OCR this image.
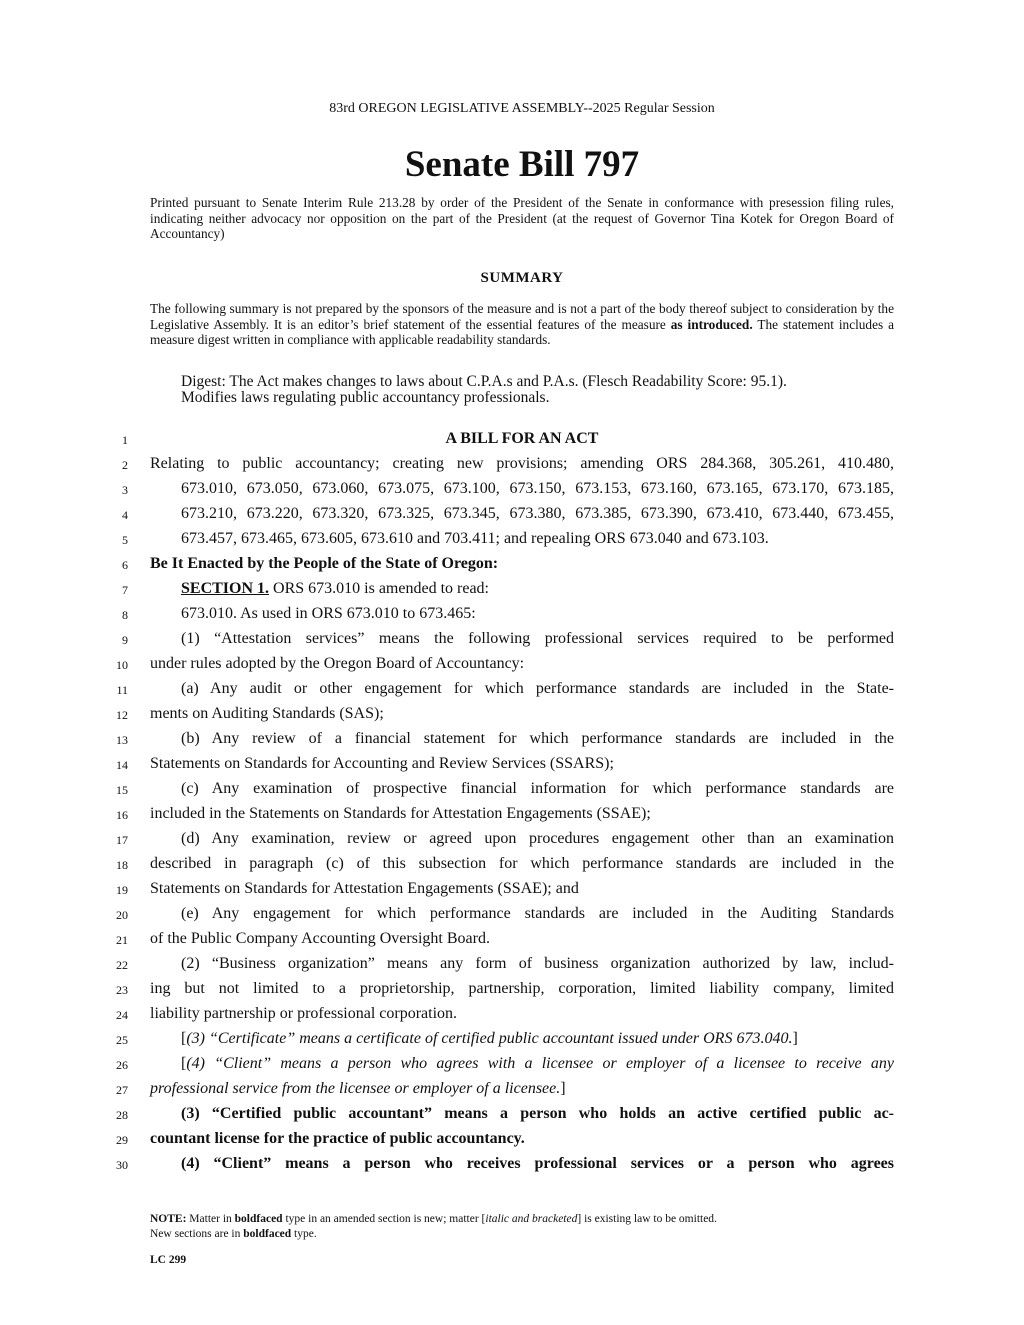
83rd OREGON LEGISLATIVE ASSEMBLY--2025 Regular Session
Senate Bill 797
Printed pursuant to Senate Interim Rule 213.28 by order of the President of the Senate in conformance with presession filing rules, indicating neither advocacy nor opposition on the part of the President (at the request of Governor Tina Kotek for Oregon Board of Accountancy)
SUMMARY
The following summary is not prepared by the sponsors of the measure and is not a part of the body thereof subject to consideration by the Legislative Assembly. It is an editor’s brief statement of the essential features of the measure as introduced. The statement includes a measure digest written in compliance with applicable readability standards.
Digest: The Act makes changes to laws about C.P.A.s and P.A.s. (Flesch Readability Score: 95.1).
Modifies laws regulating public accountancy professionals.
1
2
3
4
5
6
7
8
9
10
11
12
13
14
15
16
17
18
19
20
21
22
23
24
25
26
27
28
29
30
A BILL FOR AN ACT
Relating to public accountancy; creating new provisions; amending ORS 284.368, 305.261, 410.480,
673.010, 673.050, 673.060, 673.075, 673.100, 673.150, 673.153, 673.160, 673.165, 673.170, 673.185,
673.210, 673.220, 673.320, 673.325, 673.345, 673.380, 673.385, 673.390, 673.410, 673.440, 673.455,
673.457, 673.465, 673.605, 673.610 and 703.411; and repealing ORS 673.040 and 673.103.
Be It Enacted by the People of the State of Oregon:
SECTION 1. ORS 673.010 is amended to read:
673.010. As used in ORS 673.010 to 673.465:
(1) “Attestation services” means the following professional services required to be performed
under rules adopted by the Oregon Board of Accountancy:
(a) Any audit or other engagement for which performance standards are included in the State-
ments on Auditing Standards (SAS);
(b) Any review of a financial statement for which performance standards are included in the
Statements on Standards for Accounting and Review Services (SSARS);
(c) Any examination of prospective financial information for which performance standards are
included in the Statements on Standards for Attestation Engagements (SSAE);
(d) Any examination, review or agreed upon procedures engagement other than an examination
described in paragraph (c) of this subsection for which performance standards are included in the
Statements on Standards for Attestation Engagements (SSAE); and
(e) Any engagement for which performance standards are included in the Auditing Standards
of the Public Company Accounting Oversight Board.
(2) “Business organization” means any form of business organization authorized by law, includ-
ing but not limited to a proprietorship, partnership, corporation, limited liability company, limited
liability partnership or professional corporation.
[(3) “Certificate” means a certificate of certified public accountant issued under ORS 673.040.]
[(4) “Client” means a person who agrees with a licensee or employer of a licensee to receive any
professional service from the licensee or employer of a licensee.]
(3) “Certified public accountant” means a person who holds an active certified public ac-
countant license for the practice of public accountancy.
(4) “Client” means a person who receives professional services or a person who agrees
NOTE: Matter in boldfaced type in an amended section is new; matter [italic and bracketed] is existing law to be omitted.
New sections are in boldfaced type.
LC 299
